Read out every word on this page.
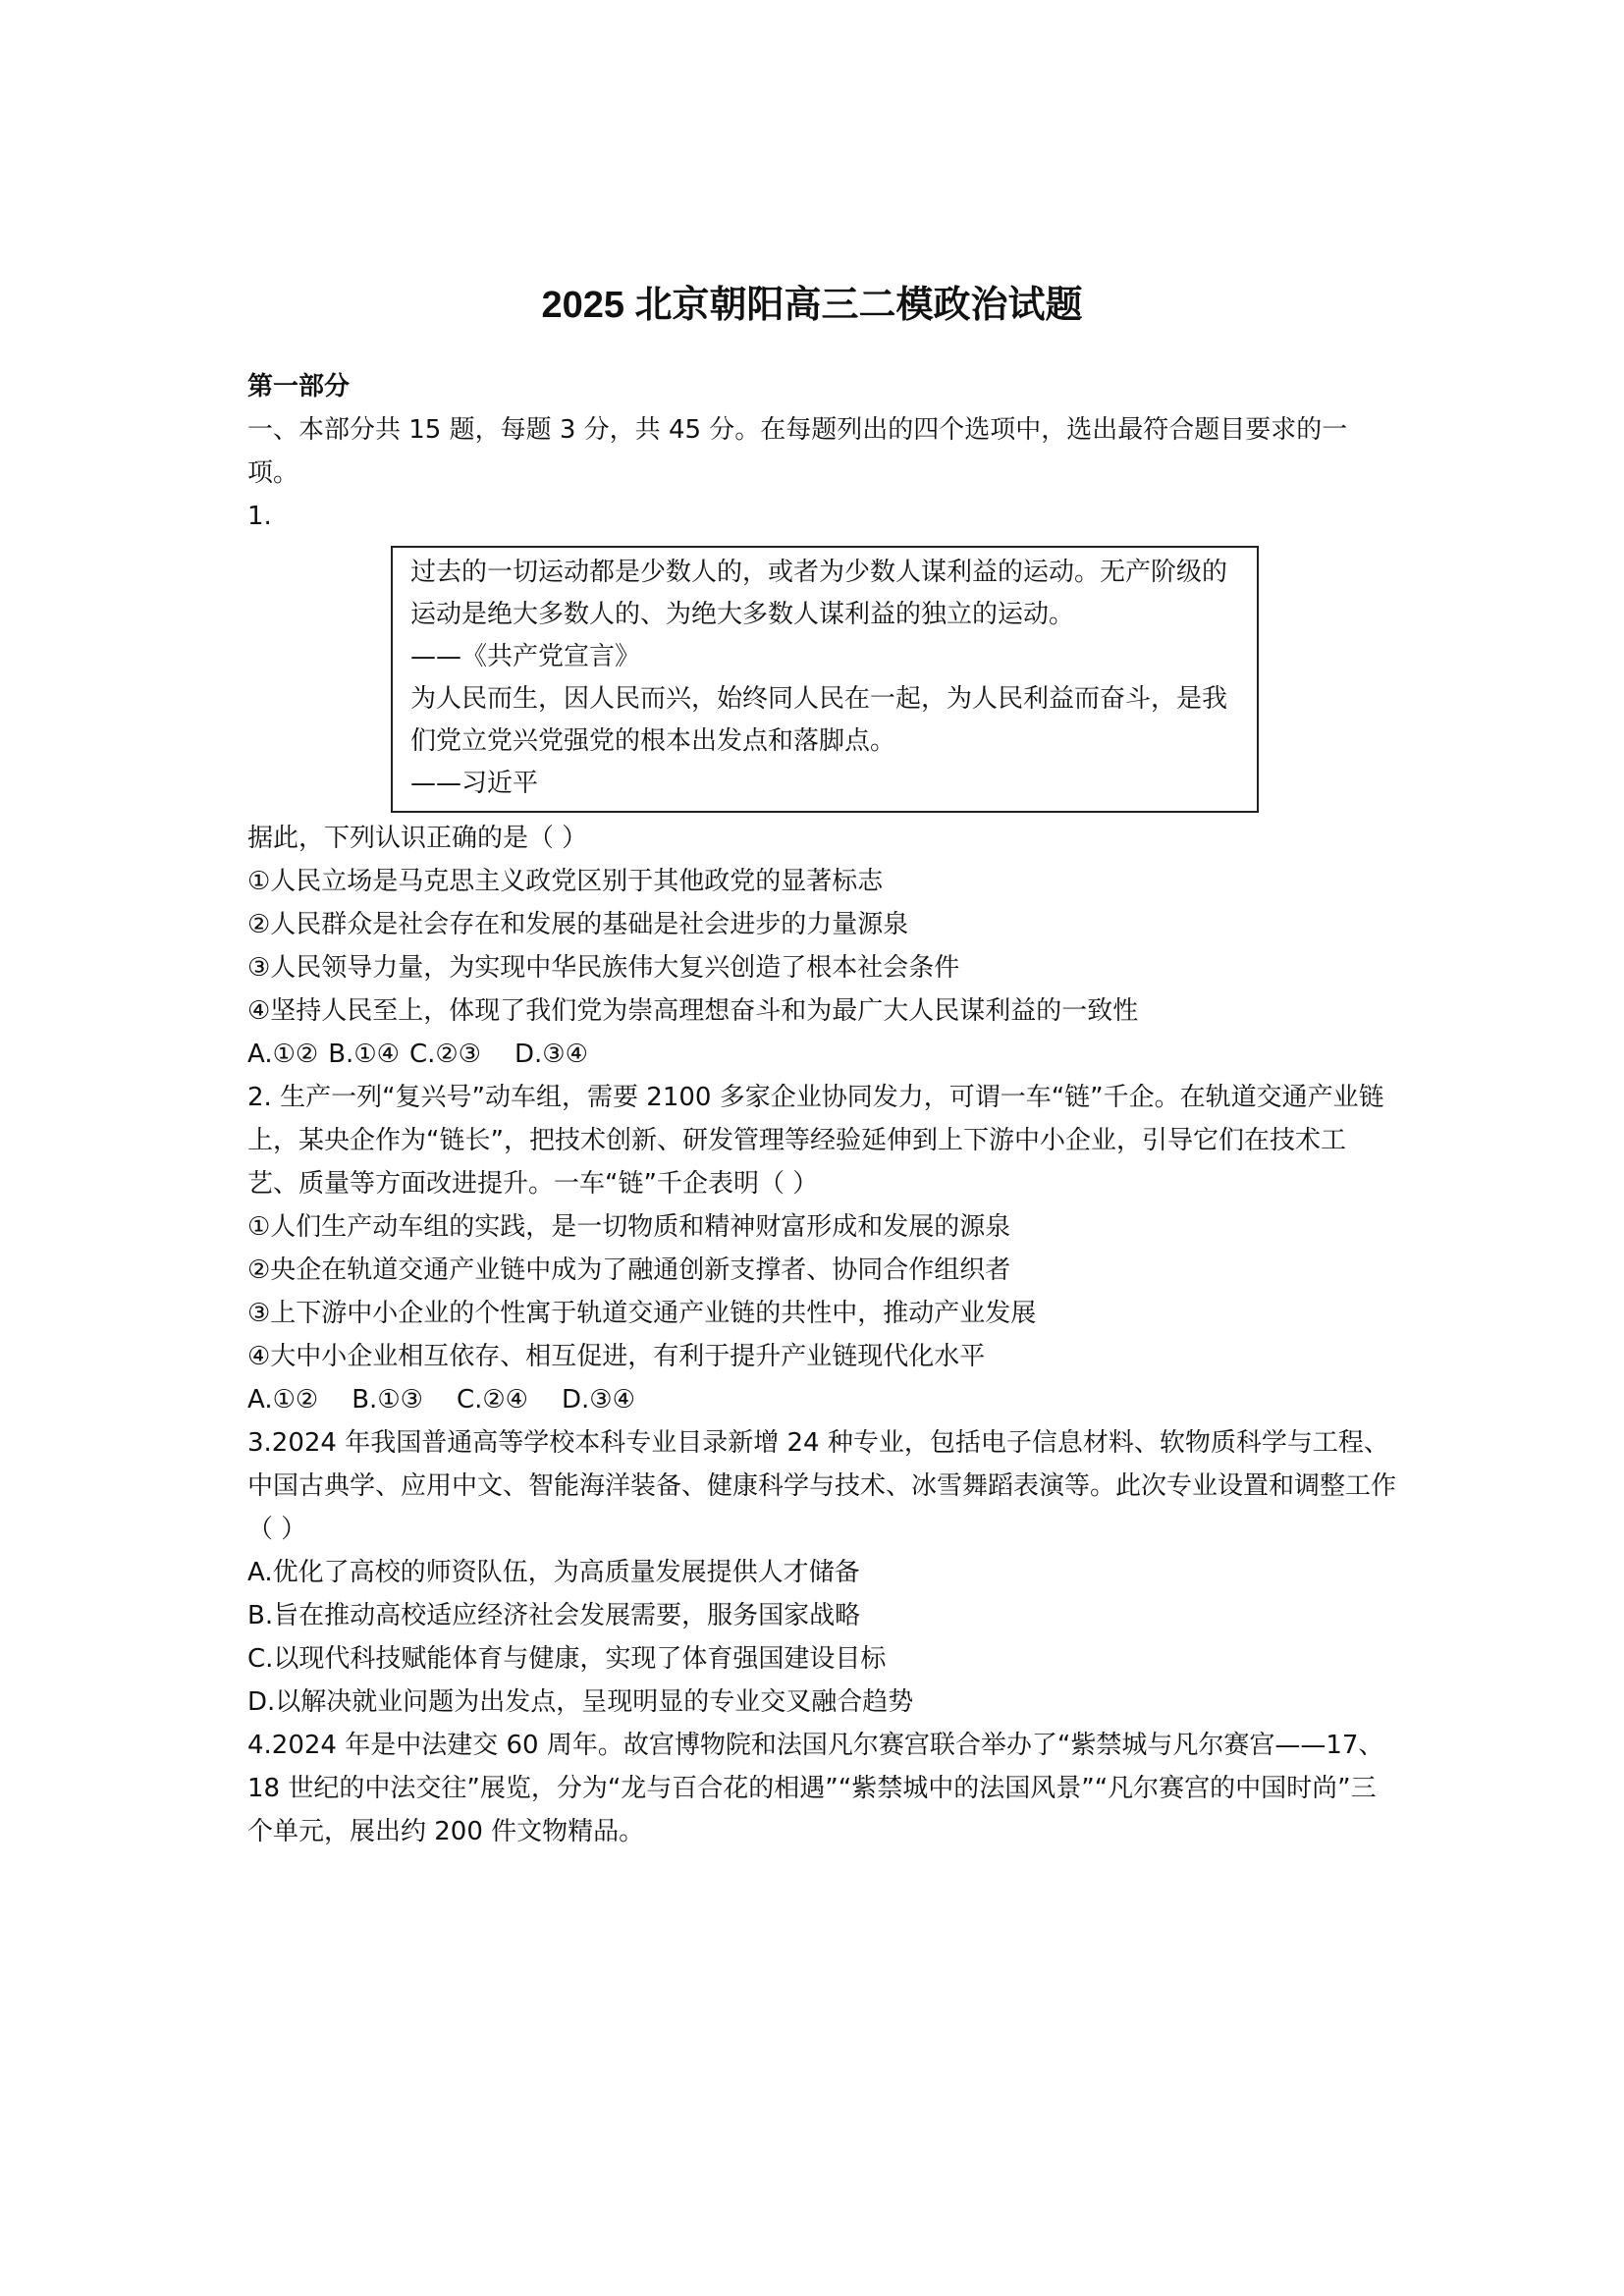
2025 北京朝阳高三二模政治试题

第一部分

一、本部分共 15 题，每题 3 分，共 45 分。在每题列出的四个选项中，选出最符合题目要求的一项。

1.

过去的一切运动都是少数人的，或者为少数人谋利益的运动。无产阶级的运动是绝大多数人的、为绝大多数人谋利益的独立的运动。

——《共产党宣言》

为人民而生，因人民而兴，始终同人民在一起，为人民利益而奋斗，是我们党立党兴党强党的根本出发点和落脚点。

——习近平

据此，下列认识正确的是（ ）

①人民立场是马克思主义政党区别于其他政党的显著标志

②人民群众是社会存在和发展的基础是社会进步的力量源泉

③人民领导力量，为实现中华民族伟大复兴创造了根本社会条件

④坚持人民至上，体现了我们党为崇高理想奋斗和为最广大人民谋利益的一致性

A.①② B.①④ C.②③ D.③④

2. 生产一列“复兴号”动车组，需要 2100 多家企业协同发力，可谓一车“链”千企。在轨道交通产业链上，某央企作为“链长”，把技术创新、研发管理等经验延伸到上下游中小企业，引导它们在技术工艺、质量等方面改进提升。一车“链”千企表明（ ）

①人们生产动车组的实践，是一切物质和精神财富形成和发展的源泉

②央企在轨道交通产业链中成为了融通创新支撑者、协同合作组织者

③上下游中小企业的个性寓于轨道交通产业链的共性中，推动产业发展

④大中小企业相互依存、相互促进，有利于提升产业链现代化水平

A.①② B.①③ C.②④ D.③④

3.2024 年我国普通高等学校本科专业目录新增 24 种专业，包括电子信息材料、软物质科学与工程、中国古典学、应用中文、智能海洋装备、健康科学与技术、冰雪舞蹈表演等。此次专业设置和调整工作（ ）

A.优化了高校的师资队伍，为高质量发展提供人才储备

B.旨在推动高校适应经济社会发展需要，服务国家战略

C.以现代科技赋能体育与健康，实现了体育强国建设目标

D.以解决就业问题为出发点，呈现明显的专业交叉融合趋势

4.2024 年是中法建交 60 周年。故宫博物院和法国凡尔赛宫联合举办了“紫禁城与凡尔赛宫——17、18 世纪的中法交往”展览，分为“龙与百合花的相遇”“紫禁城中的法国风景”“凡尔赛宫的中国时尚”三个单元，展出约 200 件文物精品。
